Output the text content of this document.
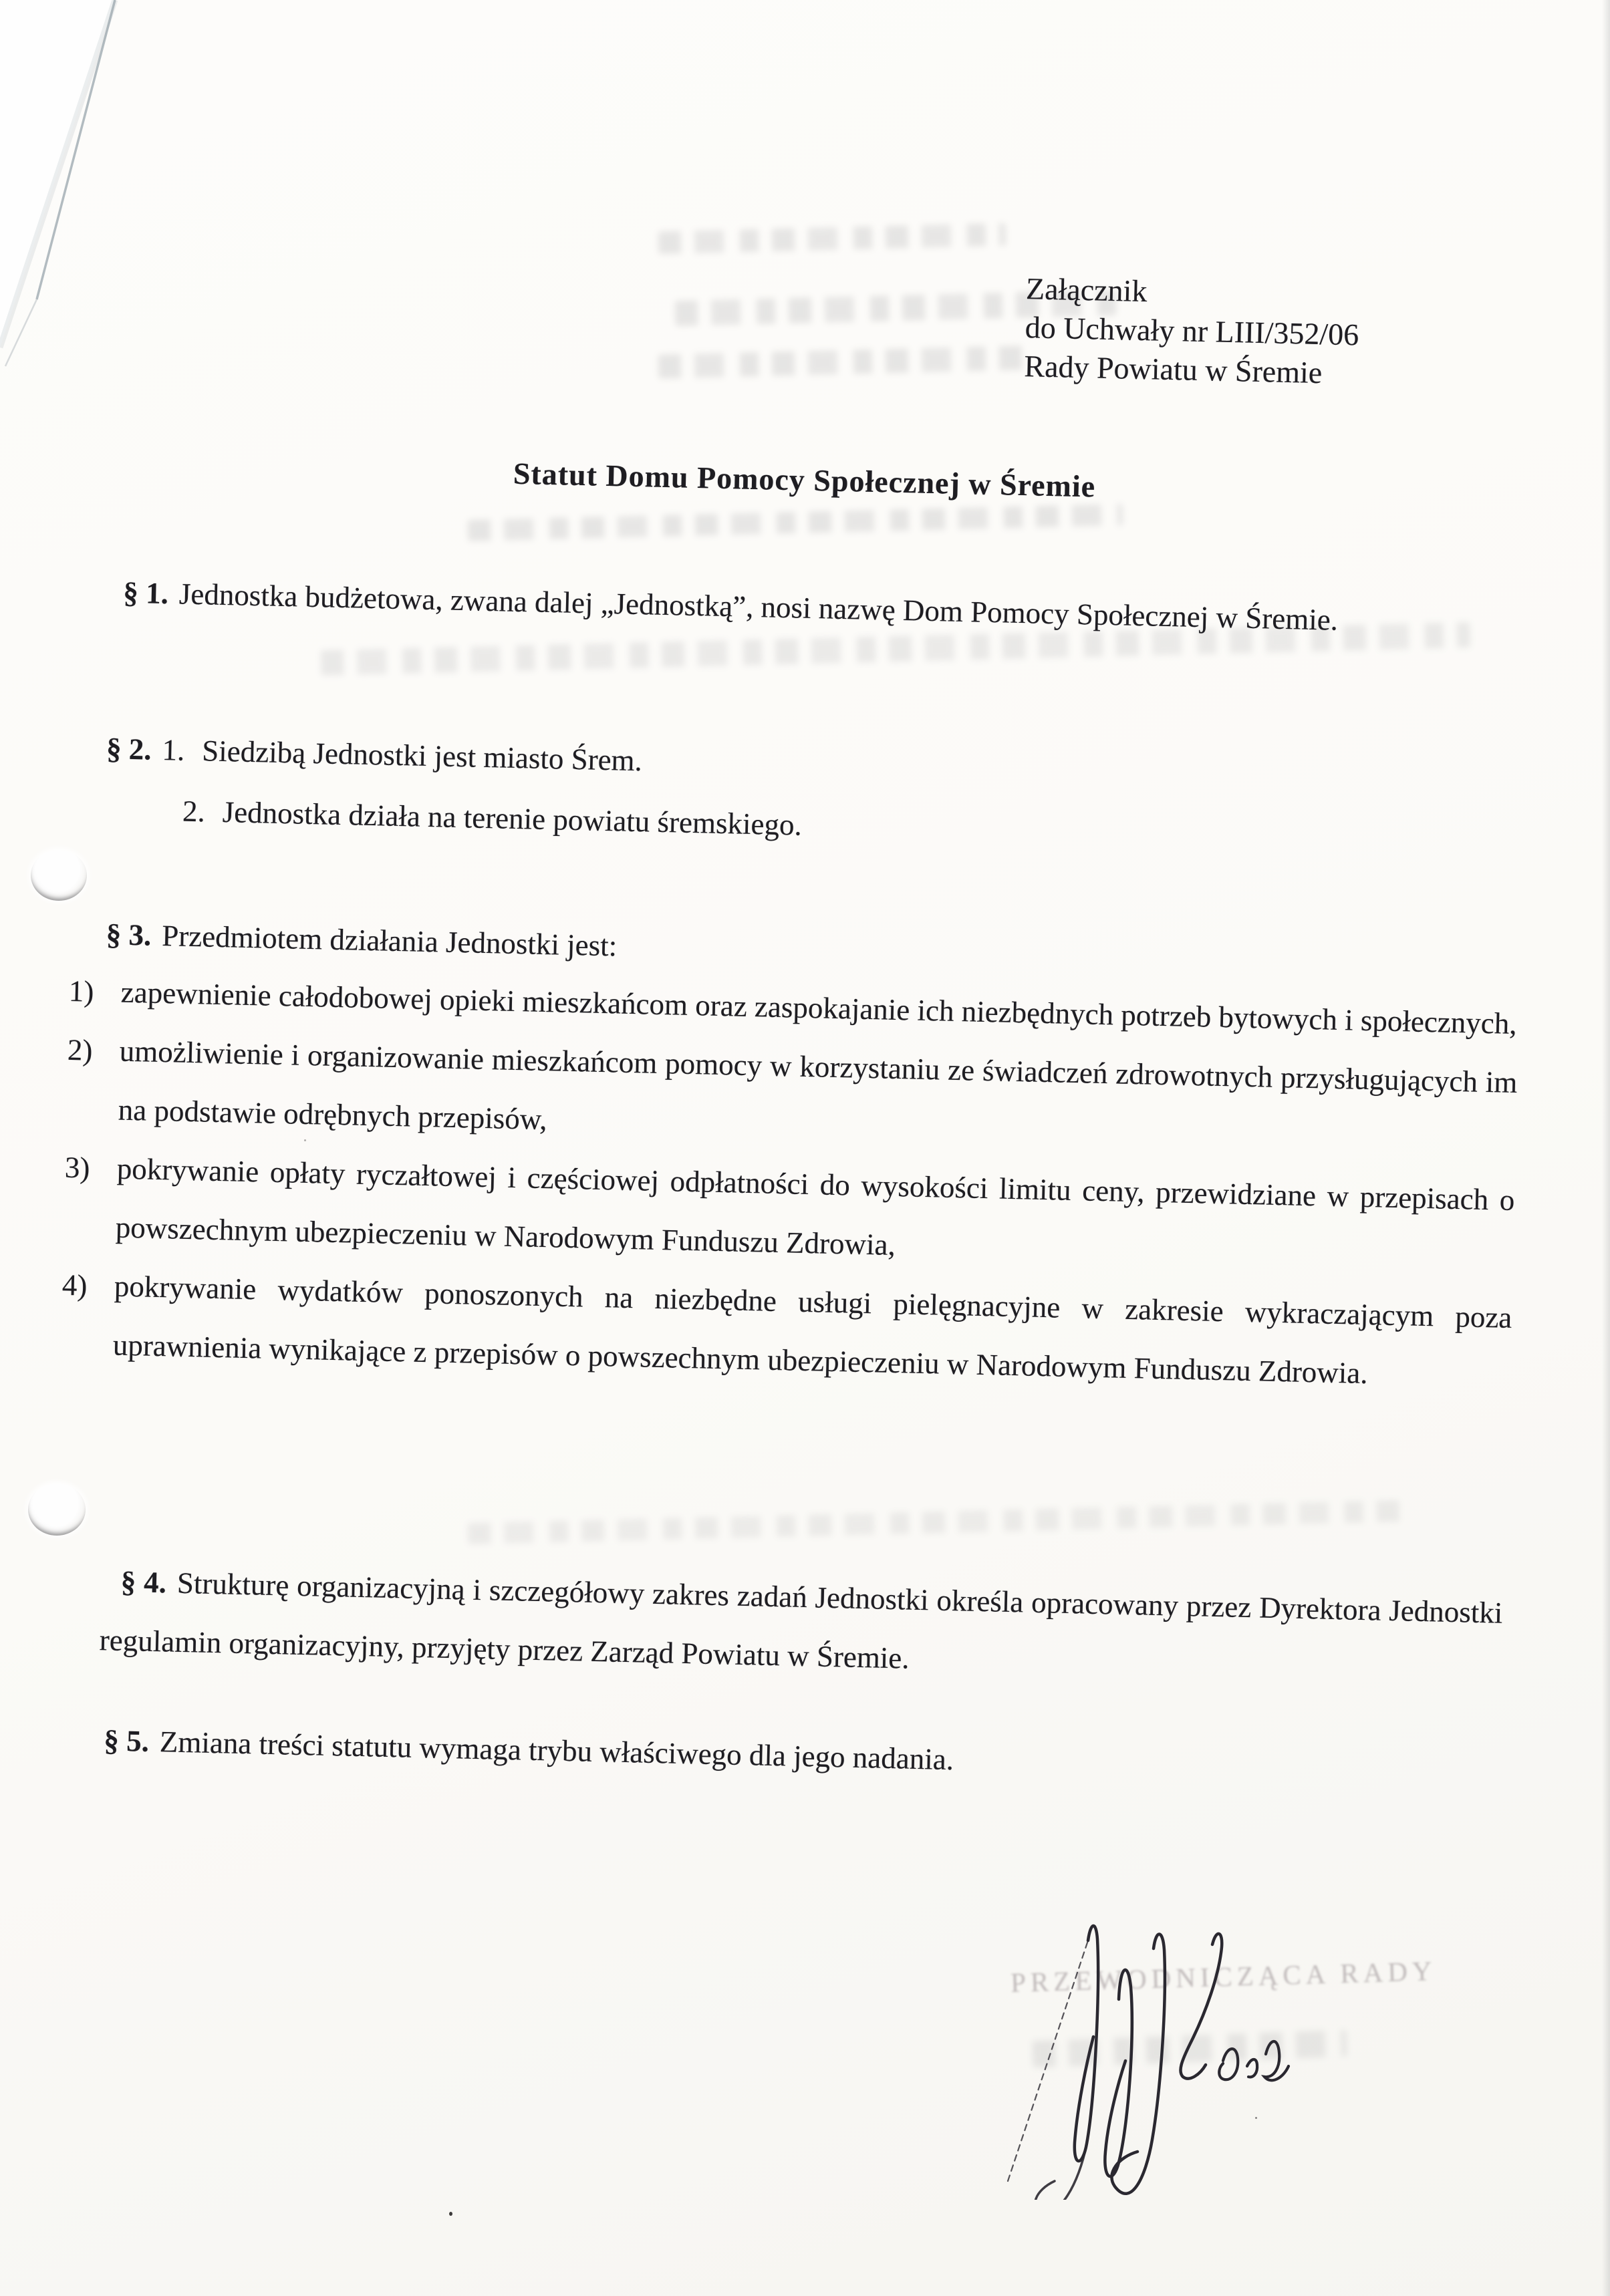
Załącznik
do Uchwały nr LIII/352/06
Rady Powiatu w Śremie
Statut Domu Pomocy Społecznej w Śremie

§ 1. Jednostka budżetowa, zwana dalej „Jednostką”, nosi nazwę Dom Pomocy Społecznej w Śremie.

§ 2. 1. Siedzibą Jednostki jest miasto Śrem.
2. Jednostka działa na terenie powiatu śremskiego.

§ 3. Przedmiotem działania Jednostki jest:

1) zapewnienie całodobowej opieki mieszkańcom oraz zaspokajanie ich niezbędnych potrzeb bytowych i społecznych,

2) umożliwienie i organizowanie mieszkańcom pomocy w korzystaniu ze świadczeń zdrowotnych przysługujących im na podstawie odrębnych przepisów,

3) pokrywanie opłaty ryczałtowej i częściowej odpłatności do wysokości limitu ceny, przewidziane w przepisach o powszechnym ubezpieczeniu w Narodowym Funduszu Zdrowia,

4) pokrywanie wydatków ponoszonych na niezbędne usługi pielęgnacyjne w zakresie wykraczającym poza uprawnienia wynikające z przepisów o powszechnym ubezpieczeniu w Narodowym Funduszu Zdrowia.

§ 4. Strukturę organizacyjną i szczegółowy zakres zadań Jednostki określa opracowany przez Dyrektora Jednostki regulamin organizacyjny, przyjęty przez Zarząd Powiatu w Śremie.

§ 5. Zmiana treści statutu wymaga trybu właściwego dla jego nadania.

PRZEWODNICZĄCA RADY
